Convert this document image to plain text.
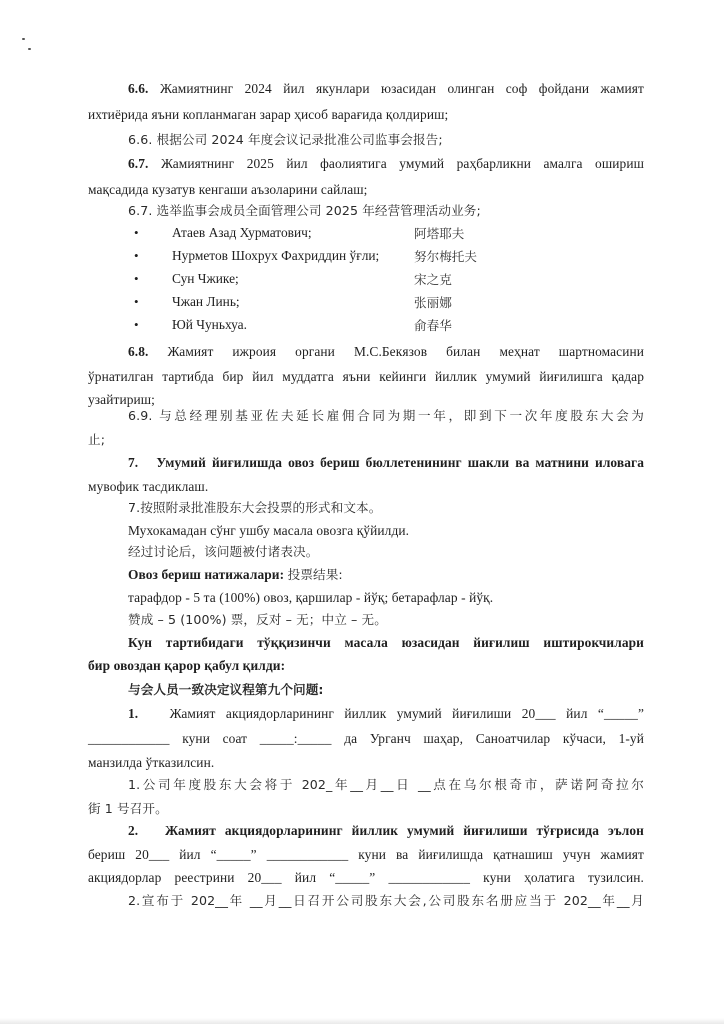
6.6. Жамиятнинг 2024 йил якунлари юзасидан олинган соф фойдани жамият
ихтиёрида яъни копланмаган зарар ҳисоб варағида қолдириш;
6.6. 根据公司 2024 年度会议记录批准公司监事会报告;
6.7. Жамиятнинг 2025 йил фаолиятига умумий раҳбарликни амалга ошириш
мақсадида кузатув кенгаши аъзоларини сайлаш;
6.7. 选举监事会成员全面管理公司 2025 年经营管理活动业务;
• Атаев Азад Хурматович;	阿塔耶夫
• Нурметов Шохрух Фахриддин ўғли;	努尔梅托夫
• Сун Чжике;	宋之克
• Чжан Линь;	张丽娜
• Юй Чуньхуа.	俞春华
6.8. Жамият ижроия органи М.С.Бекязов билан меҳнат шартномасини
ўрнатилган тартибда бир йил муддатга яъни кейинги йиллик умумий йиғилишга қадар
узайтириш;
6.9. 与总经理别基亚佐夫延长雇佣合同为期一年，即到下一次年度股东大会为
止;
7. Умумий йиғилишда овоз бериш бюллетенининг шакли ва матнини иловага
мувофик тасдиклаш.
7.按照附录批准股东大会投票的形式和文本。
Мухокамадан сўнг ушбу масала овозга қўйилди.
经过讨论后，该问题被付诸表决。
Овоз бериш натижалари: 投票结果:
тарафдор - 5 та (100%) овоз, қаршилар - йўқ; бетарафлар - йўқ.
赞成 – 5 (100%) 票，反对 – 无；中立 – 无。
Кун тартибидаги тўққизинчи масала юзасидан йиғилиш иштирокчилари
бир овоздан қарор қабул қилди:
与会人员一致决定议程第九个问题:
1. Жамият акциядорларининг йиллик умумий йиғилиши 20___ йил “_____”
____________ куни соат _____:_____ да Урганч шаҳар, Саноатчилар кўчаси, 1-уй
манзилда ўтказилсин.
1.公司年度股东大会将于 202_年__月__日 __点在乌尔根奇市，萨诺阿奇拉尔
街 1 号召开。
2. Жамият акциядорларининг йиллик умумий йиғилиши тўғрисида эълон
бериш 20___ йил “_____” ____________ куни ва йиғилишда қатнашиш учун жамият
акциядорлар реестрини 20___ йил “_____” ____________ куни ҳолатига тузилсин.
2.宣布于 202__年 __月__日召开公司股东大会,公司股东名册应当于 202__年__月
